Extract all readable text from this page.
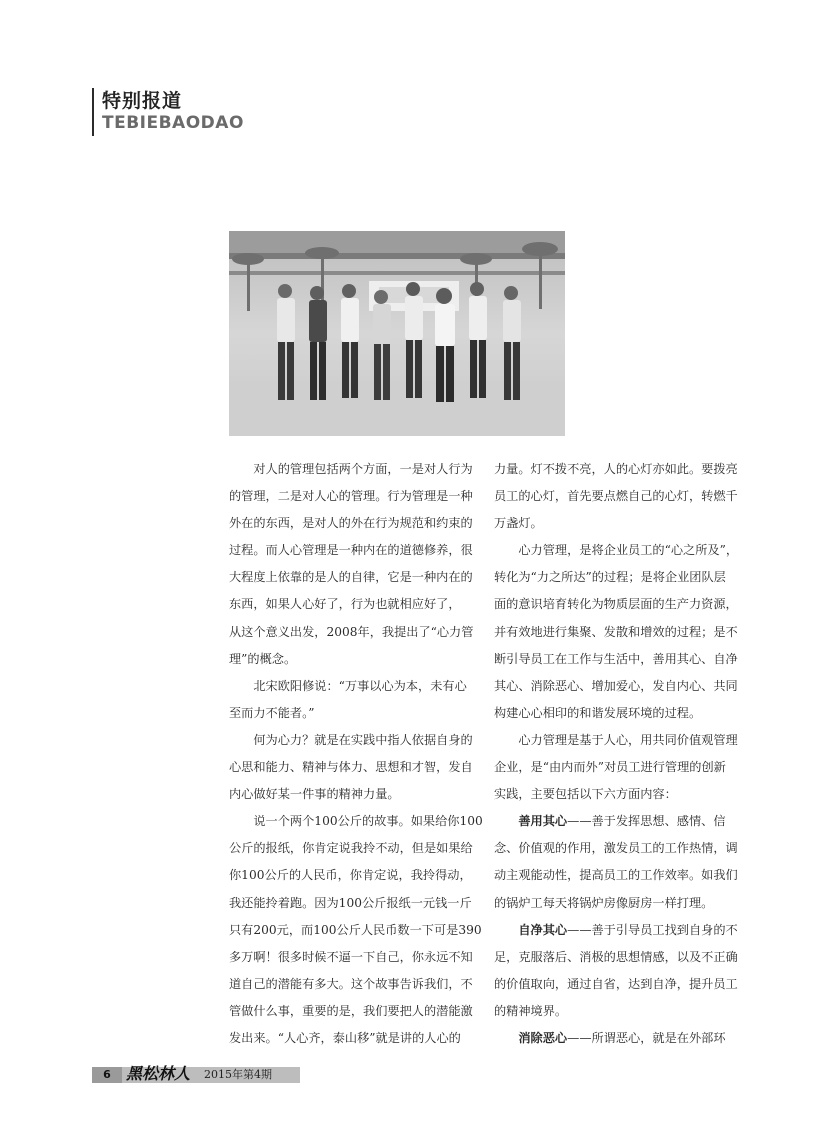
特别报道
TEBIEBAODAO

　　对人的管理包括两个方面，一是对人行为

的管理，二是对人心的管理。行为管理是一种

外在的东西，是对人的外在行为规范和约束的

过程。而人心管理是一种内在的道德修养，很

大程度上依靠的是人的自律，它是一种内在的

东西，如果人心好了，行为也就相应好了，

从这个意义出发，2008年，我提出了“心力管

理”的概念。

　　北宋欧阳修说：“万事以心为本，未有心

至而力不能者。”

　　何为心力？就是在实践中指人依据自身的

心思和能力、精神与体力、思想和才智，发自

内心做好某一件事的精神力量。

　　说一个两个100公斤的故事。如果给你100

公斤的报纸，你肯定说我拎不动，但是如果给

你100公斤的人民币，你肯定说，我拎得动，

我还能拎着跑。因为100公斤报纸一元钱一斤

只有200元，而100公斤人民币数一下可是390

多万啊！很多时候不逼一下自己，你永远不知

道自己的潜能有多大。这个故事告诉我们，不

管做什么事，重要的是，我们要把人的潜能激

发出来。“人心齐，泰山移”就是讲的人心的

力量。灯不拨不亮，人的心灯亦如此。要拨亮

员工的心灯，首先要点燃自己的心灯，转燃千

万盏灯。

　　心力管理，是将企业员工的“心之所及”，

转化为“力之所达”的过程；是将企业团队层

面的意识培育转化为物质层面的生产力资源，

并有效地进行集聚、发散和增效的过程；是不

断引导员工在工作与生活中，善用其心、自净

其心、消除恶心、增加爱心，发自内心、共同

构建心心相印的和谐发展环境的过程。

　　心力管理是基于人心，用共同价值观管理

企业，是“由内而外”对员工进行管理的创新

实践，主要包括以下六方面内容：

　　善用其心——善于发挥思想、感情、信

念、价值观的作用，激发员工的工作热情，调

动主观能动性，提高员工的工作效率。如我们

的锅炉工每天将锅炉房像厨房一样打理。

　　自净其心——善于引导员工找到自身的不

足，克服落后、消极的思想情感，以及不正确

的价值取向，通过自省，达到自净，提升员工

的精神境界。

　　消除恶心——所谓恶心，就是在外部环

6 黑松林人 2015年第4期
